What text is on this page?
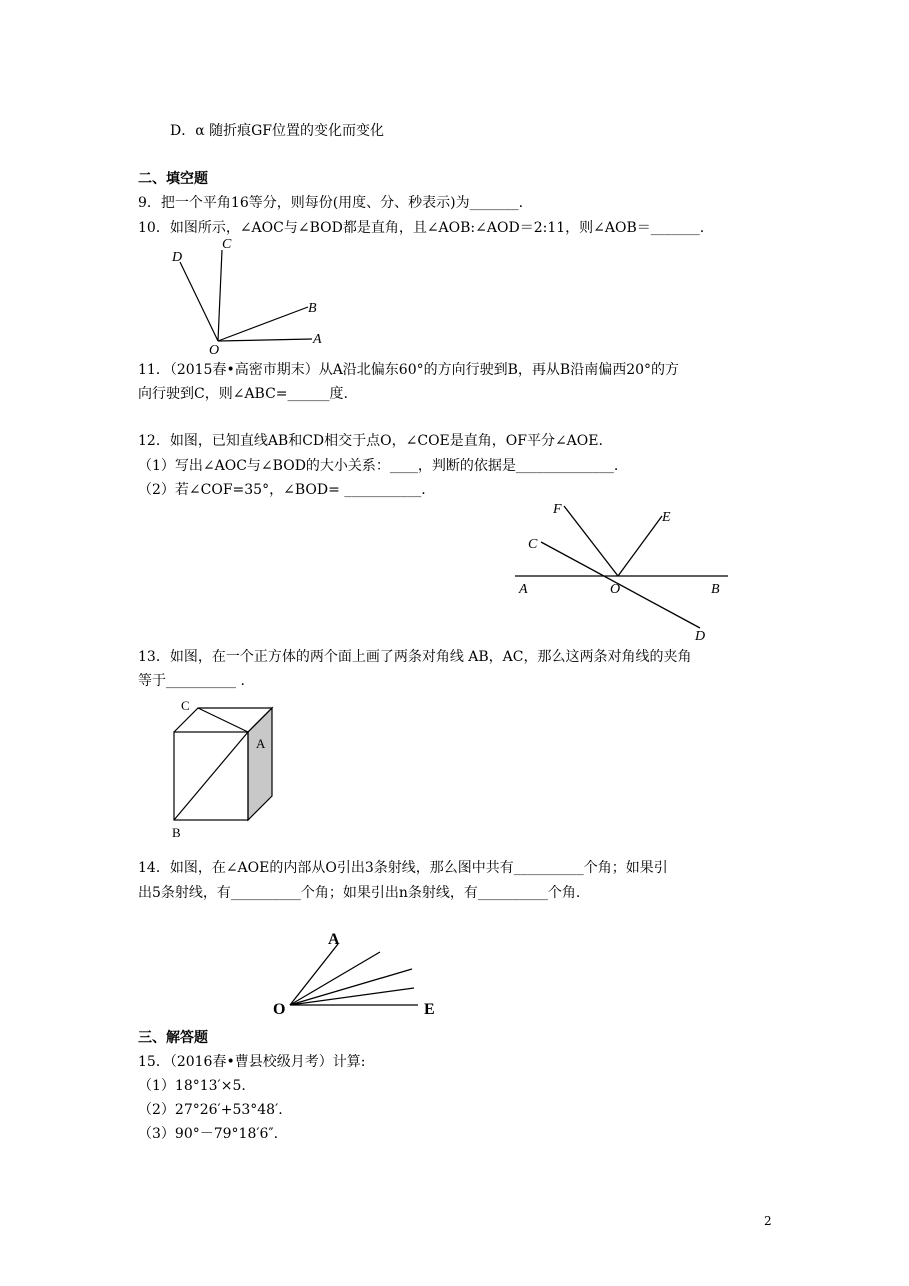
D．α 随折痕GF位置的变化而变化
二、填空题
9．把一个平角16等分，则每份(用度、分、秒表示)为_______.
10．如图所示，∠AOC与∠BOD都是直角，且∠AOB:∠AOD＝2:11，则∠AOB＝_______.
C
D
B
A
O
11．（2015春•高密市期末）从A沿北偏东60°的方向行驶到B，再从B沿南偏西20°的方
向行驶到C，则∠ABC=______度.
12．如图，已知直线AB和CD相交于点O，∠COE是直角，OF平分∠AOE.
（1）写出∠AOC与∠BOD的大小关系：____，判断的依据是______________.
（2）若∠COF=35°，∠BOD= ___________.
F
E
C
A	O	B
D
13．如图，在一个正方体的两个面上画了两条对角线 AB，AC，那么这两条对角线的夹角
等于__________ .
C
A
B
14．如图，在∠AOE的内部从O引出3条射线，那么图中共有__________个角；如果引
出5条射线，有__________个角；如果引出n条射线，有__________个角.
A
O	E
三、解答题
15．（2016春•曹县校级月考）计算:
（1）18°13′×5.
（2）27°26′+53°48′.
（3）90°－79°18′6″.
2
